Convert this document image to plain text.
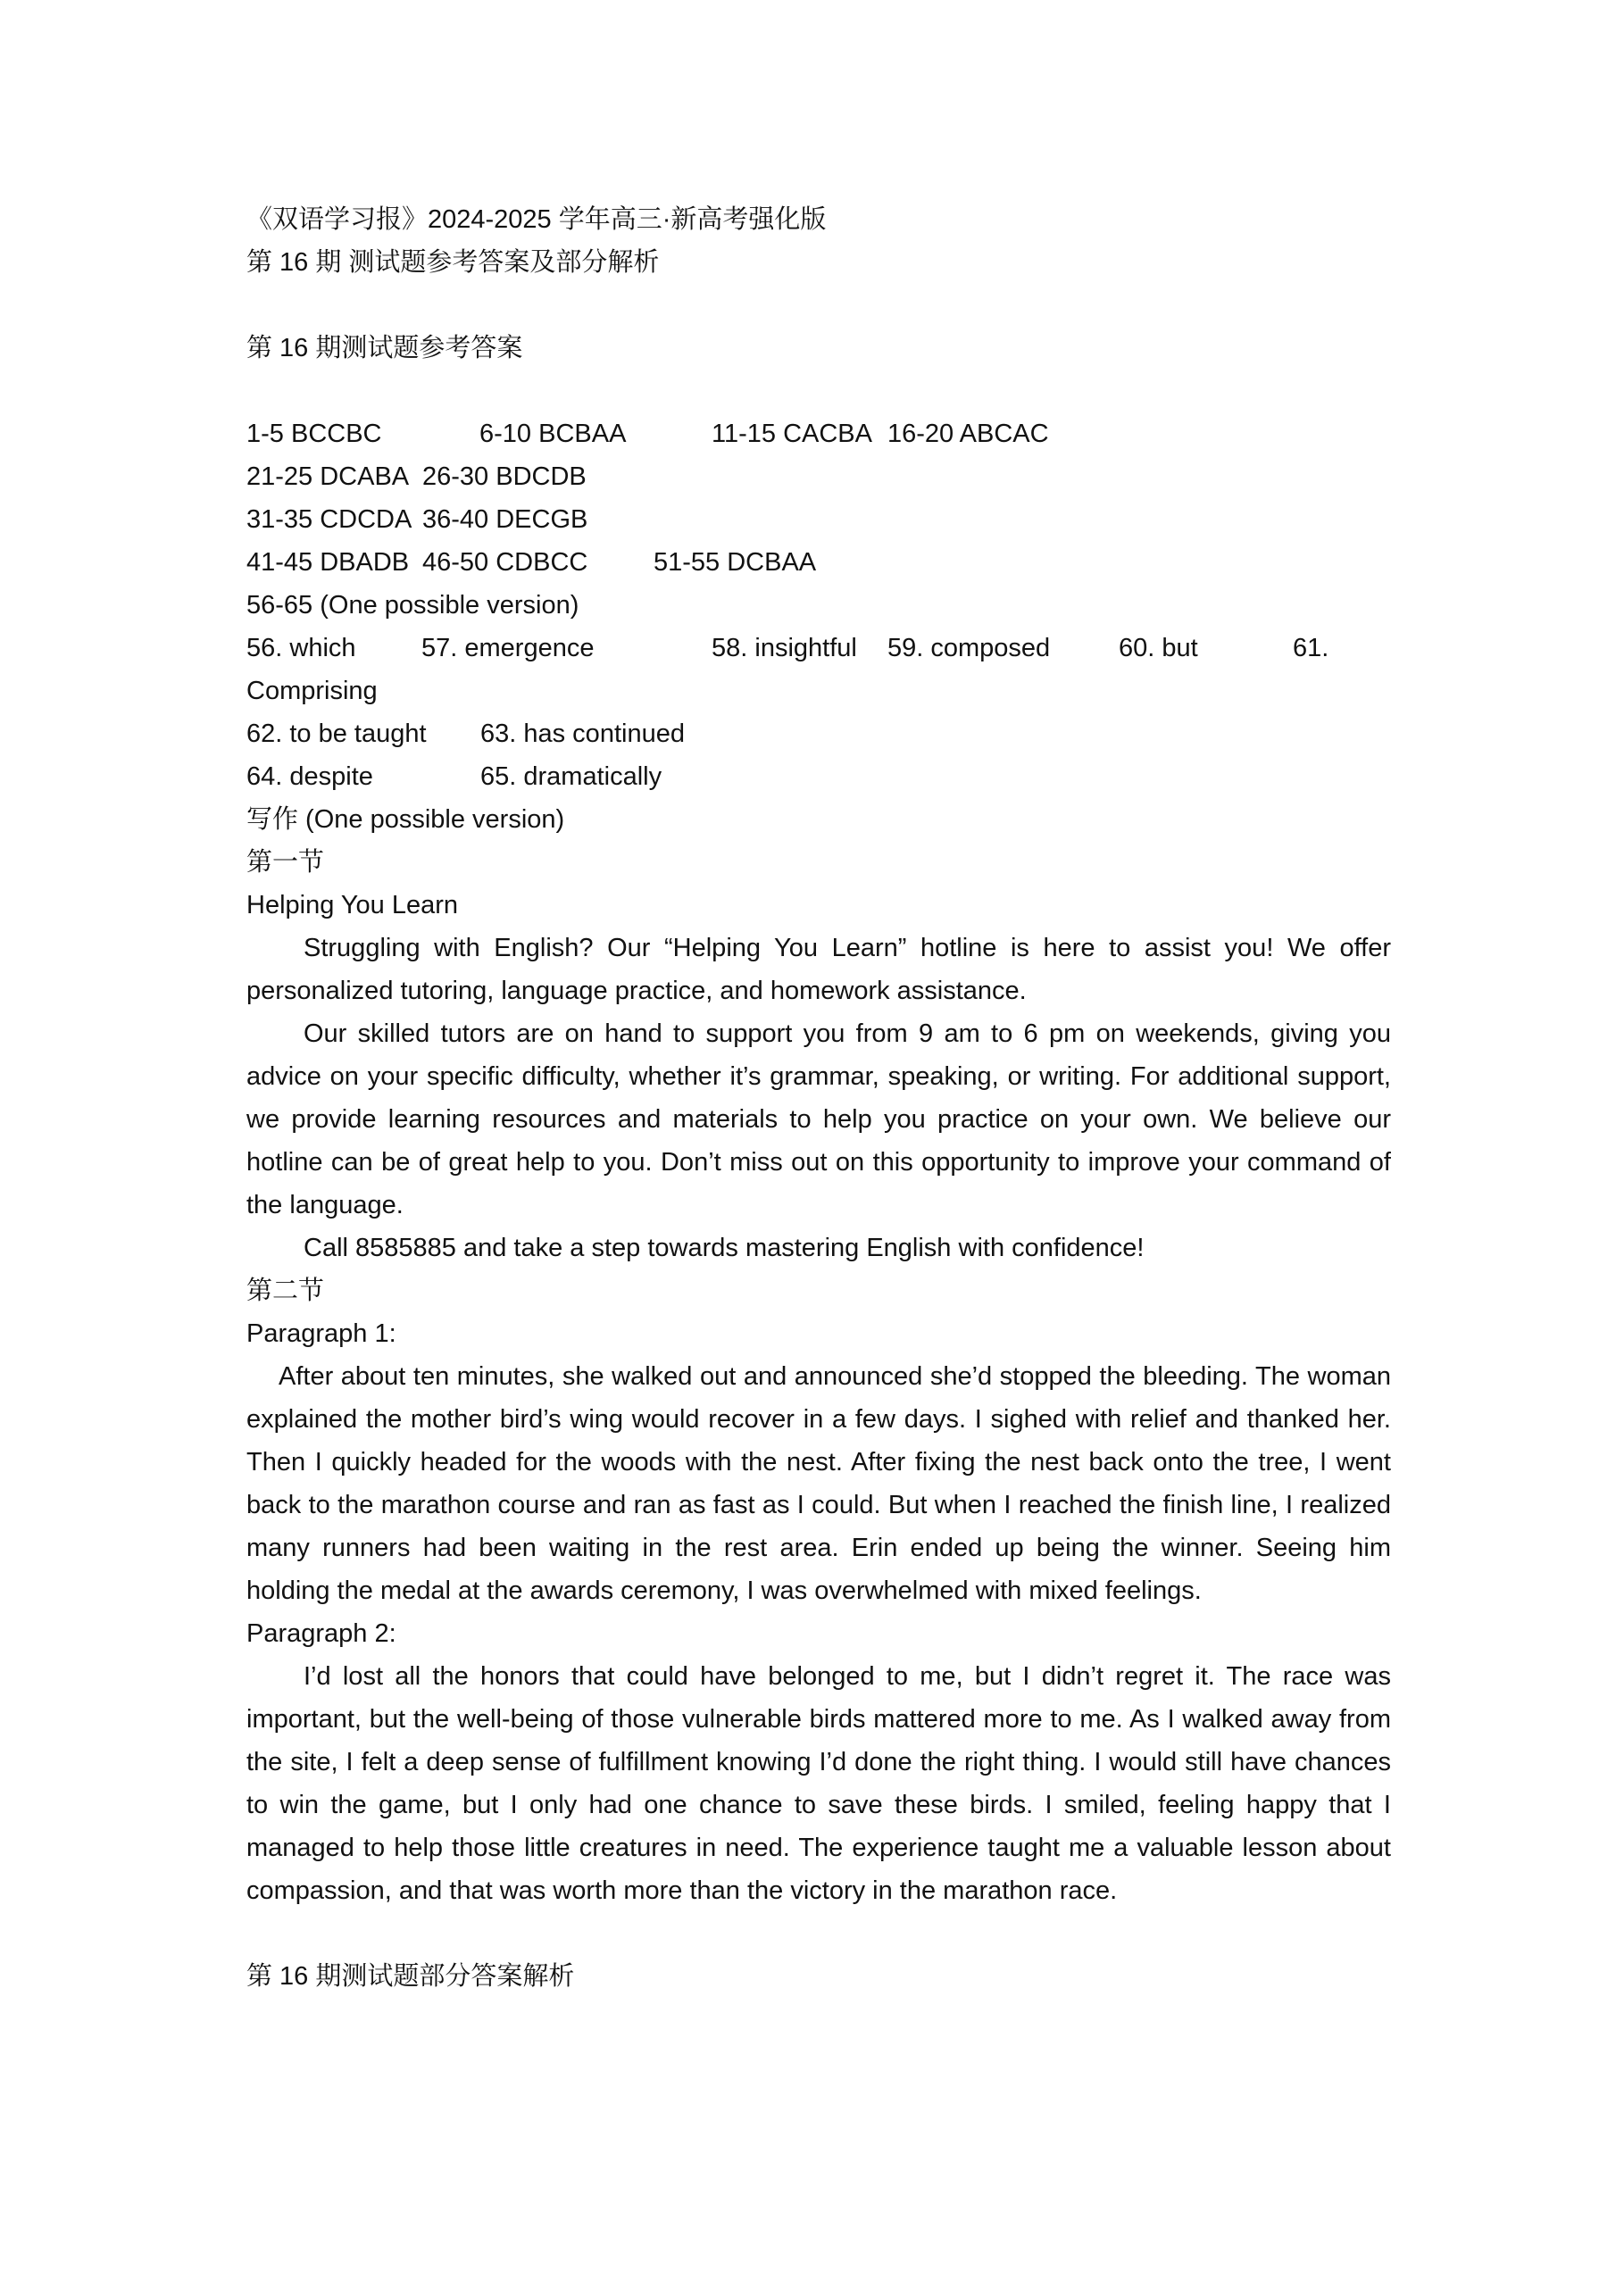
《双语学习报》2024-2025 学年高三·新高考强化版
第 16 期 测试题参考答案及部分解析
第 16 期测试题参考答案
1-5 BCCBC	6-10 BCBAA	11-15 CACBA 16-20 ABCAC
21-25 DCABA 26-30 BDCDB
31-35 CDCDA 36-40 DECGB
41-45 DBADB 46-50 CDBCC	51-55 DCBAA
56-65 (One possible version)
56. which	57. emergence	58. insightful 59. composed	60. but	61.
Comprising
62. to be taught 63. has continued
64. despite	65. dramatically
写作 (One possible version)
第一节
Helping You Learn

Struggling with English? Our “Helping You Learn” hotline is here to assist you! We offer personalized tutoring, language practice, and homework assistance.

Our skilled tutors are on hand to support you from 9 am to 6 pm on weekends, giving you advice on your specific difficulty, whether it’s grammar, speaking, or writing. For additional support, we provide learning resources and materials to help you practice on your own. We believe our hotline can be of great help to you. Don’t miss out on this opportunity to improve your command of the language.

Call 8585885 and take a step towards mastering English with confidence!

第二节
Paragraph 1:

After about ten minutes, she walked out and announced she’d stopped the bleeding. The woman explained the mother bird’s wing would recover in a few days. I sighed with relief and thanked her. Then I quickly headed for the woods with the nest. After fixing the nest back onto the tree, I went back to the marathon course and ran as fast as I could. But when I reached the finish line, I realized many runners had been waiting in the rest area. Erin ended up being the winner. Seeing him holding the medal at the awards ceremony, I was overwhelmed with mixed feelings.

Paragraph 2:

I’d lost all the honors that could have belonged to me, but I didn’t regret it. The race was important, but the well-being of those vulnerable birds mattered more to me. As I walked away from the site, I felt a deep sense of fulfillment knowing I’d done the right thing. I would still have chances to win the game, but I only had one chance to save these birds. I smiled, feeling happy that I managed to help those little creatures in need. The experience taught me a valuable lesson about compassion, and that was worth more than the victory in the marathon race.

第 16 期测试题部分答案解析
